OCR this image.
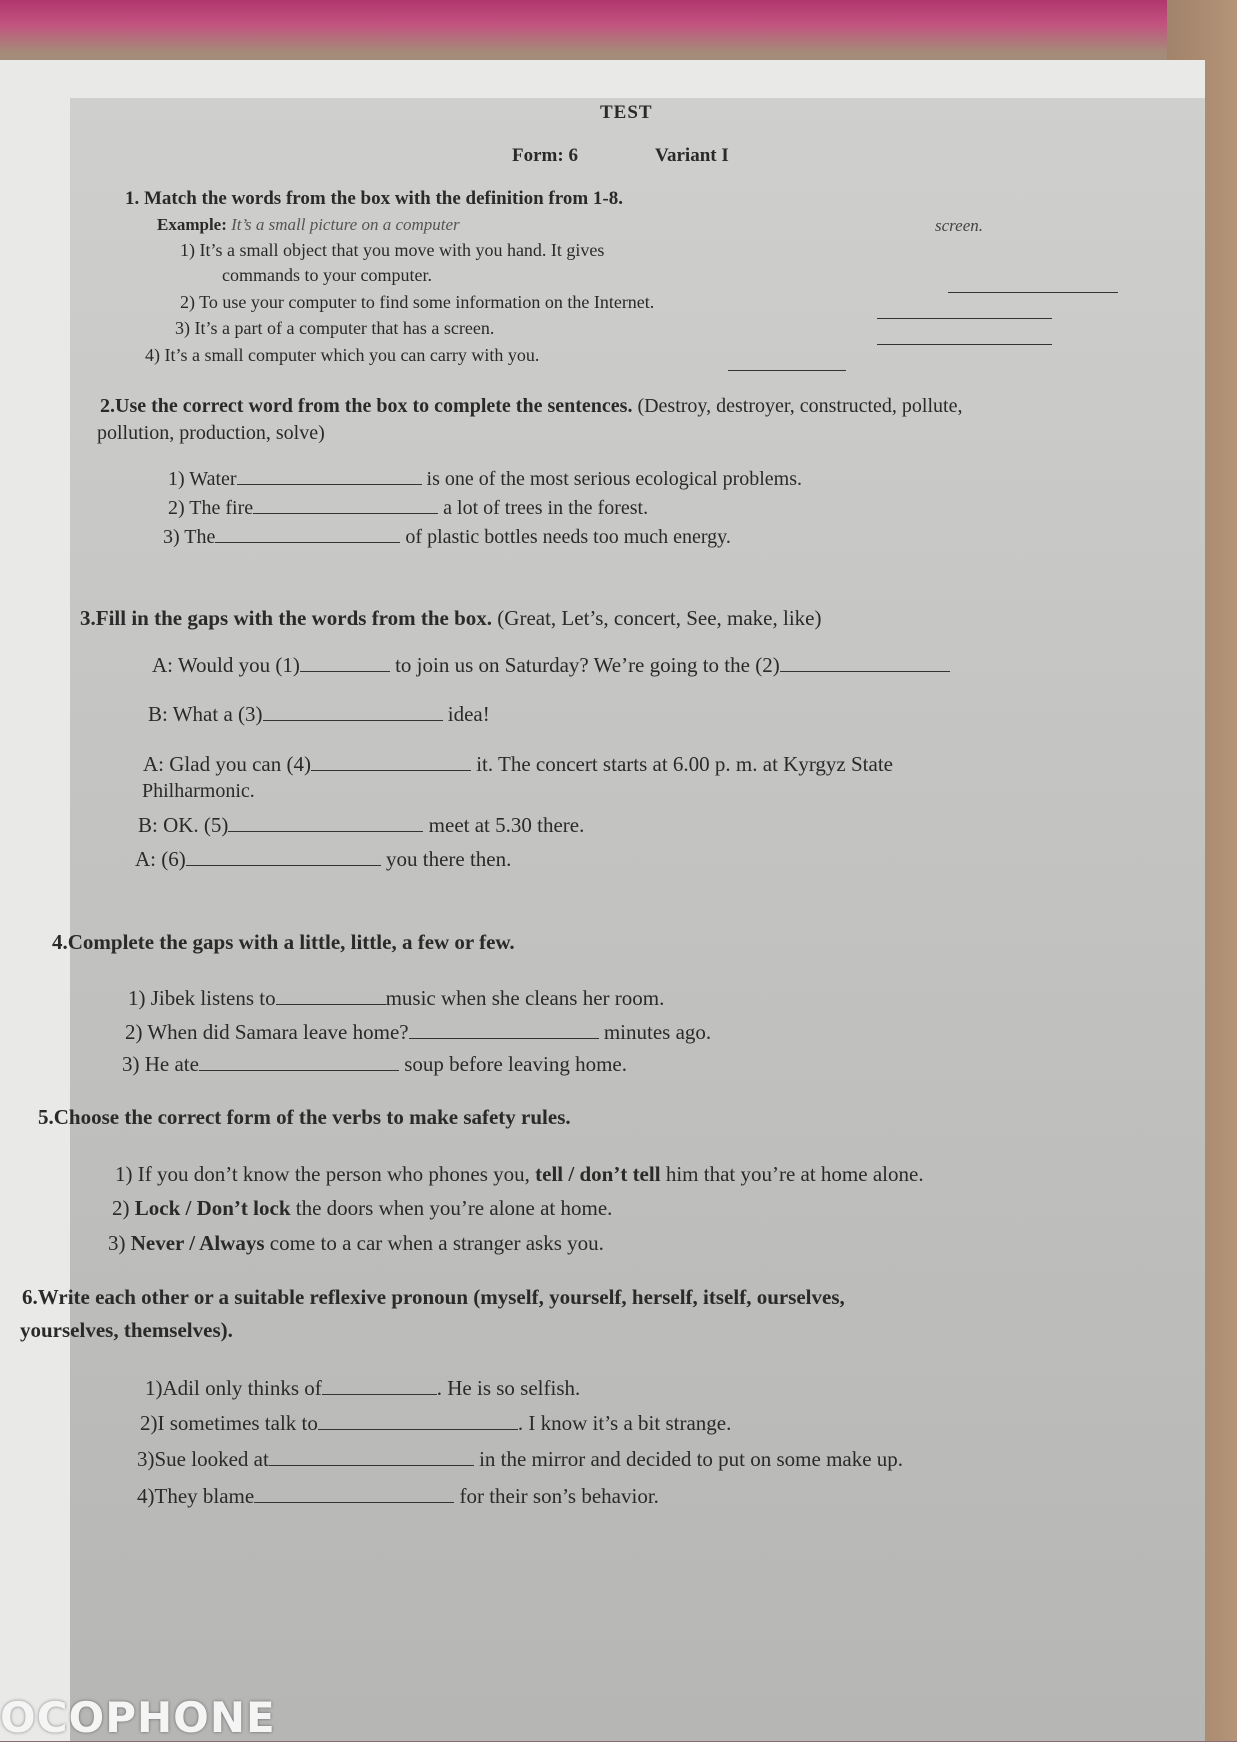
TEST
Form: 6	Variant I
1. Match the words from the box with the definition from 1-8.
Example: It’s a small picture on a computer	screen.
1) It’s a small object that you move with you hand. It gives
commands to your computer.
2) To use your computer to find some information on the Internet.
3) It’s a part of a computer that has a screen.
4) It’s a small computer which you can carry with you.
2.Use the correct word from the box to complete the sentences. (Destroy, destroyer, constructed, pollute,
pollution, production, solve)
1) Water	is one of the most serious ecological problems.
2) The fire	a lot of trees in the forest.
3) The	of plastic bottles needs too much energy.
3.Fill in the gaps with the words from the box. (Great, Let’s, concert, See, make, like)
A: Would you (1)	to join us on Saturday? We’re going to the (2)
B: What a (3)	idea!
A: Glad you can (4)	it. The concert starts at 6.00 p. m. at Kyrgyz State
Philharmonic.
B: OK. (5)	meet at 5.30 there.
A: (6)	you there then.
4.Complete the gaps with a little, little, a few or few.
1) Jibek listens to	music when she cleans her room.
2) When did Samara leave home?	minutes ago.
3) He ate	soup before leaving home.
5.Choose the correct form of the verbs to make safety rules.
1) If you don’t know the person who phones you, tell / don’t tell him that you’re at home alone.
2) Lock / Don’t lock the doors when you’re alone at home.
3) Never / Always come to a car when a stranger asks you.
6.Write each other or a suitable reflexive pronoun (myself, yourself, herself, itself, ourselves,
yourselves, themselves).
1)Adil only thinks of	. He is so selfish.
2)I sometimes talk to	. I know it’s a bit strange.
3)Sue looked at	in the mirror and decided to put on some make up.
4)They blame	for their son’s behavior.
OCOPHONE
